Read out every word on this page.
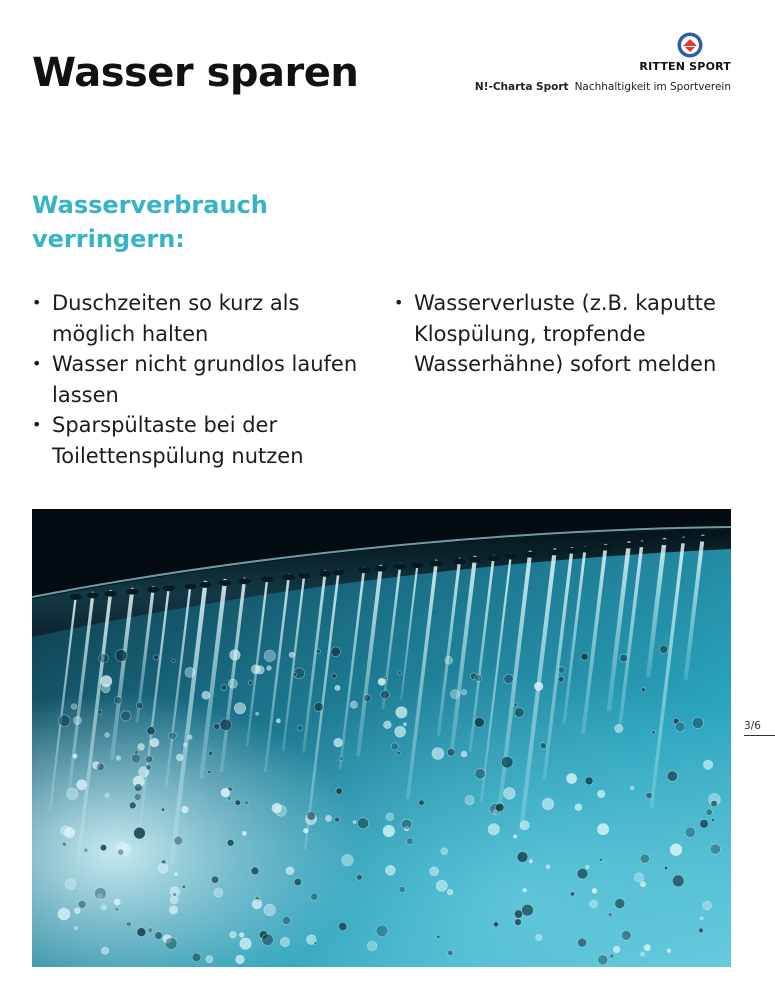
Wasser sparen	RITTEN SPORT
N!-Charta Sport Nachhaltigkeit im Sportverein
Wasserverbrauch verringern:
• Duschzeiten so kurz als möglich halten
• Wasser nicht grundlos laufen lassen
• Sparspültaste bei der Toilettenspülung nutzen
• Wasserverluste (z.B. kaputte Klospülung, tropfende Wasserhähne) sofort melden
3/6
